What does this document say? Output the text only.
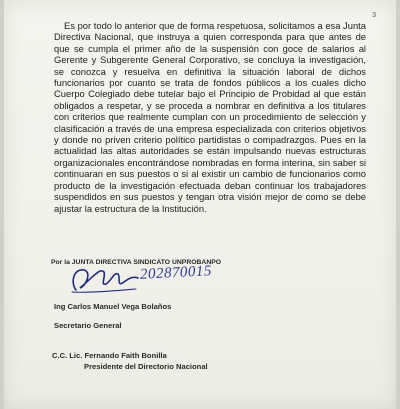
3

Es por todo lo anterior que de forma respetuosa, solicitamos a esa Junta Directiva Nacional, que instruya a quien corresponda para que antes de que se cumpla el primer año de la suspensión con goce de salarios al Gerente y Subgerente General Corporativo, se concluya la investigación, se conozca y resuelva en definitiva la situación laboral de dichos funcionarios por cuanto se trata de fondos públicos a los cuales dicho Cuerpo Colegiado debe tutelar bajo el Principio de Probidad al que están obligados a respetar, y se proceda a nombrar en definitiva a los titulares con criterios que realmente cumplan con un procedimiento de selección y clasificación a través de una empresa especializada con criterios objetivos y donde no priven criterio político partidistas o compadrazgos. Pues en la actualidad las altas autoridades se están impulsando nuevas estructuras organizacionales encontrándose nombradas en forma interina, sin saber si continuaran en sus puestos o si al existir un cambio de funcionarios como producto de la investigación efectuada deban continuar los trabajadores suspendidos en sus puestos y tengan otra visión mejor de como se debe ajustar la estructura de la Institución.

Por la JUNTA DIRECTIVA SINDICATO UNPROBANPO
202870015
Ing Carlos Manuel Vega Bolaños
Secretario General
C.C. Lic. Fernando Faith Bonilla
Presidente del Directorio Nacional
